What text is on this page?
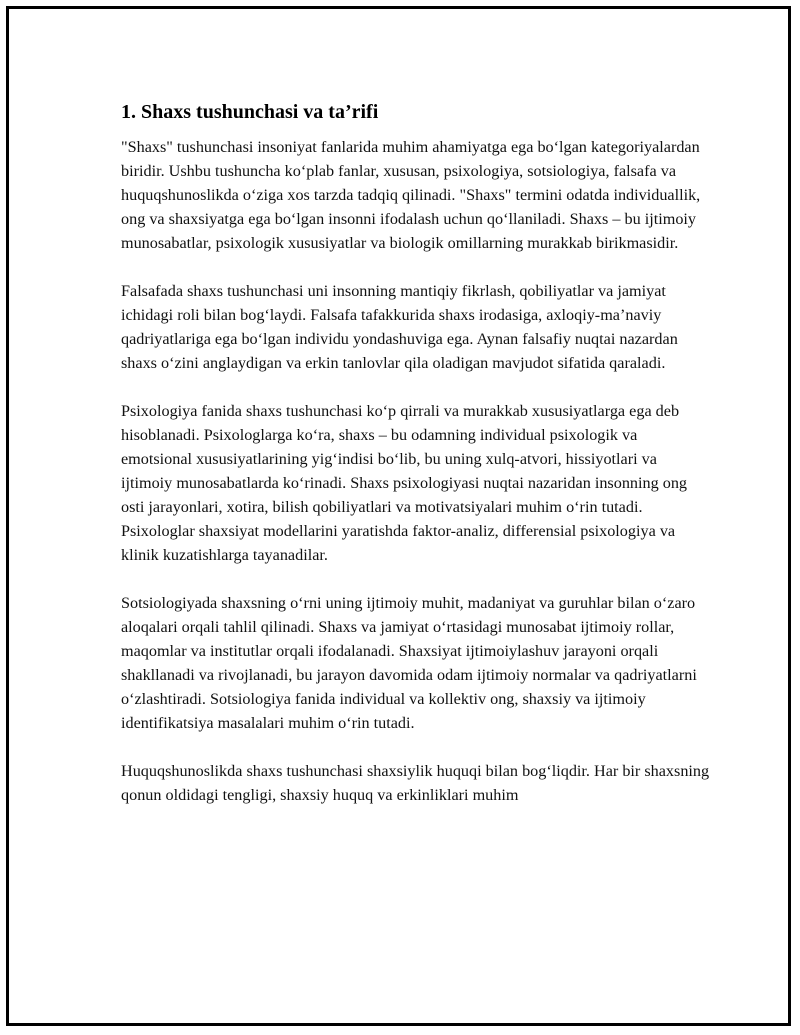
1. Shaxs tushunchasi va ta’rifi

"Shaxs" tushunchasi insoniyat fanlarida muhim ahamiyatga ega bo‘lgan kategoriyalardan biridir. Ushbu tushuncha ko‘plab fanlar, xususan, psixologiya, sotsiologiya, falsafa va huquqshunoslikda o‘ziga xos tarzda tadqiq qilinadi. "Shaxs" termini odatda individuallik, ong va shaxsiyatga ega bo‘lgan insonni ifodalash uchun qo‘llaniladi. Shaxs – bu ijtimoiy munosabatlar, psixologik xususiyatlar va biologik omillarning murakkab birikmasidir.

Falsafada shaxs tushunchasi uni insonning mantiqiy fikrlash, qobiliyatlar va jamiyat ichidagi roli bilan bog‘laydi. Falsafa tafakkurida shaxs irodasiga, axloqiy-ma’naviy qadriyatlariga ega bo‘lgan individu yondashuviga ega. Aynan falsafiy nuqtai nazardan shaxs o‘zini anglaydigan va erkin tanlovlar qila oladigan mavjudot sifatida qaraladi.

Psixologiya fanida shaxs tushunchasi ko‘p qirrali va murakkab xususiyatlarga ega deb hisoblanadi. Psixologlarga ko‘ra, shaxs – bu odamning individual psixologik va emotsional xususiyatlarining yig‘indisi bo‘lib, bu uning xulq-atvori, hissiyotlari va ijtimoiy munosabatlarda ko‘rinadi. Shaxs psixologiyasi nuqtai nazaridan insonning ong osti jarayonlari, xotira, bilish qobiliyatlari va motivatsiyalari muhim o‘rin tutadi. Psixologlar shaxsiyat modellarini yaratishda faktor-analiz, differensial psixologiya va klinik kuzatishlarga tayanadilar.

Sotsiologiyada shaxsning o‘rni uning ijtimoiy muhit, madaniyat va guruhlar bilan o‘zaro aloqalari orqali tahlil qilinadi. Shaxs va jamiyat o‘rtasidagi munosabat ijtimoiy rollar, maqomlar va institutlar orqali ifodalanadi. Shaxsiyat ijtimoiylashuv jarayoni orqali shakllanadi va rivojlanadi, bu jarayon davomida odam ijtimoiy normalar va qadriyatlarni o‘zlashtiradi. Sotsiologiya fanida individual va kollektiv ong, shaxsiy va ijtimoiy identifikatsiya masalalari muhim o‘rin tutadi.

Huquqshunoslikda shaxs tushunchasi shaxsiylik huquqi bilan bog‘liqdir. Har bir shaxsning qonun oldidagi tengligi, shaxsiy huquq va erkinliklari muhim
